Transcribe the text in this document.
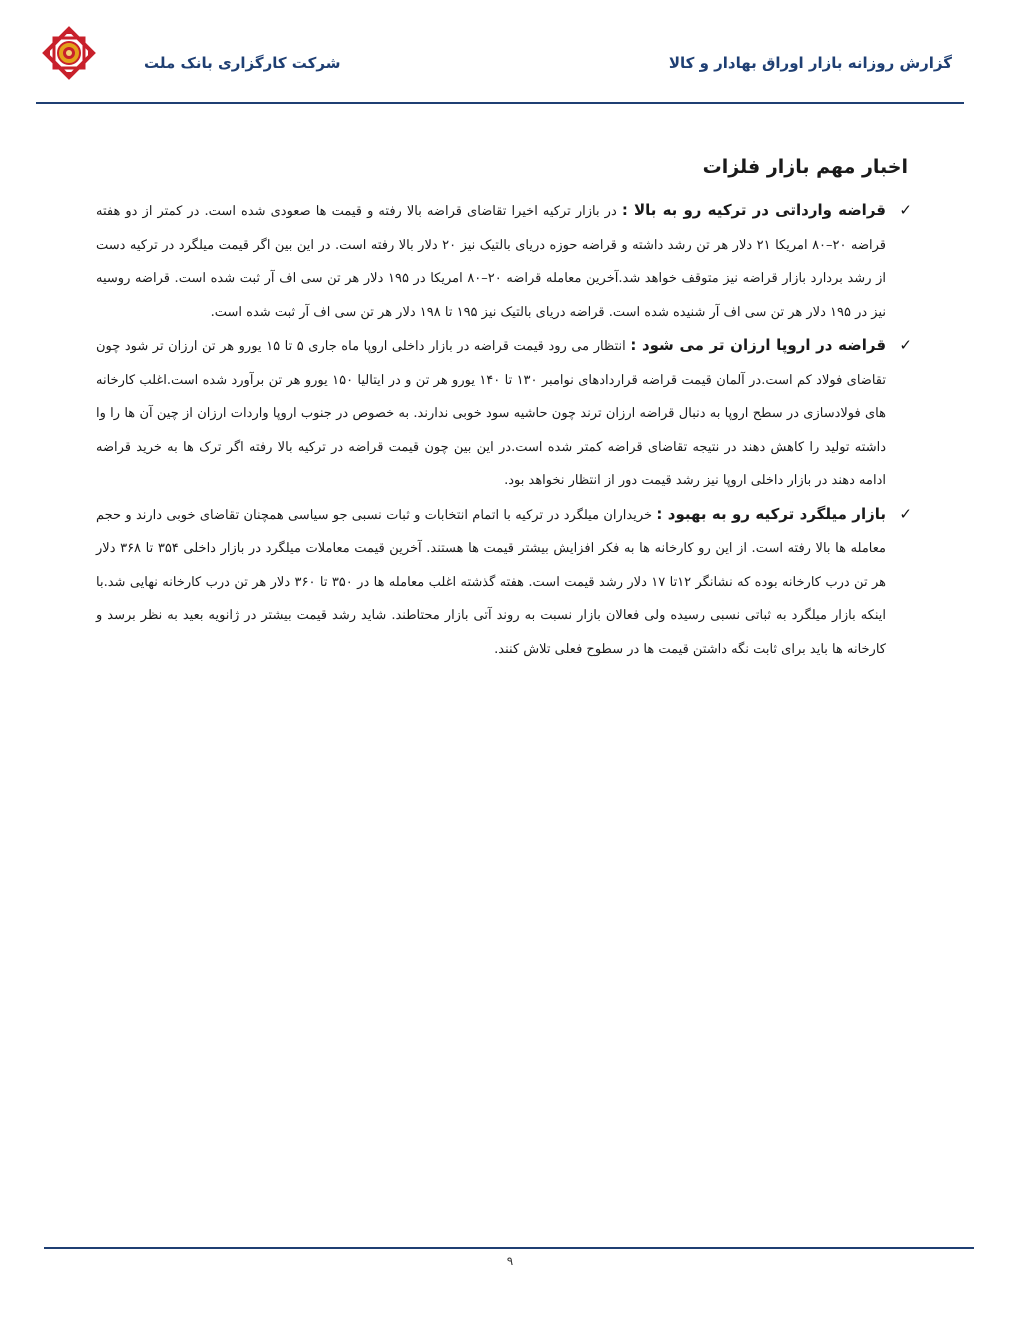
شرکت کارگزاری بانک ملت	گزارش روزانه بازار اوراق بهادار و کالا
اخبار مهم بازار فلزات
✓
قراضه وارداتی در ترکیه رو به بالا : در بازار ترکیه اخیرا تقاضای قراضه بالا رفته و قیمت ها صعودی شده است. در کمتر از دو هفته قراضه ۲۰–۸۰ امریکا ۲۱ دلار هر تن رشد داشته و قراضه حوزه دریای بالتیک نیز ۲۰ دلار بالا رفته است. در این بین اگر قیمت میلگرد در ترکیه دست از رشد بردارد بازار قراضه نیز متوقف خواهد شد.آخرین معامله قراضه ۲۰–۸۰ امریکا در ۱۹۵ دلار هر تن سی اف آر ثبت شده است. قراضه روسیه نیز در ۱۹۵ دلار هر تن سی اف آر شنیده شده است. قراضه دریای بالتیک نیز ۱۹۵ تا ۱۹۸ دلار هر تن سی اف آر ثبت شده است.
✓
قراضه در اروپا ارزان تر می شود : انتظار می رود قیمت قراضه در بازار داخلی اروپا ماه جاری ۵ تا ۱۵ یورو هر تن ارزان تر شود چون تقاضای فولاد کم است.در آلمان قیمت قراضه قراردادهای نوامبر ۱۳۰ تا ۱۴۰ یورو هر تن و در ایتالیا ۱۵۰ یورو هر تن برآورد شده است.اغلب کارخانه های فولادسازی در سطح اروپا به دنبال قراضه ارزان ترند چون حاشیه سود خوبی ندارند. به خصوص در جنوب اروپا واردات ارزان از چین آن ها را وا داشته تولید را کاهش دهند در نتیجه تقاضای قراضه کمتر شده است.در این بین چون قیمت قراضه در ترکیه بالا رفته اگر ترک ها به خرید قراضه ادامه دهند در بازار داخلی اروپا نیز رشد قیمت دور از انتظار نخواهد بود.
✓
بازار میلگرد ترکیه رو به بهبود : خریداران میلگرد در ترکیه با اتمام انتخابات و ثبات نسبی جو سیاسی همچنان تقاضای خوبی دارند و حجم معامله ها بالا رفته است. از این رو کارخانه ها به فکر افزایش بیشتر قیمت ها هستند. آخرین قیمت معاملات میلگرد در بازار داخلی ۳۵۴ تا ۳۶۸ دلار هر تن درب کارخانه بوده که نشانگر ۱۲تا ۱۷ دلار رشد قیمت است. هفته گذشته اغلب معامله ها در ۳۵۰ تا ۳۶۰ دلار هر تن درب کارخانه نهایی شد.با اینکه بازار میلگرد به ثباتی نسبی رسیده ولی فعالان بازار نسبت به روند آتی بازار محتاطند. شاید رشد قیمت بیشتر در ژانویه بعید به نظر برسد و کارخانه ها باید برای ثابت نگه داشتن قیمت ها در سطوح فعلی تلاش کنند.
۹
